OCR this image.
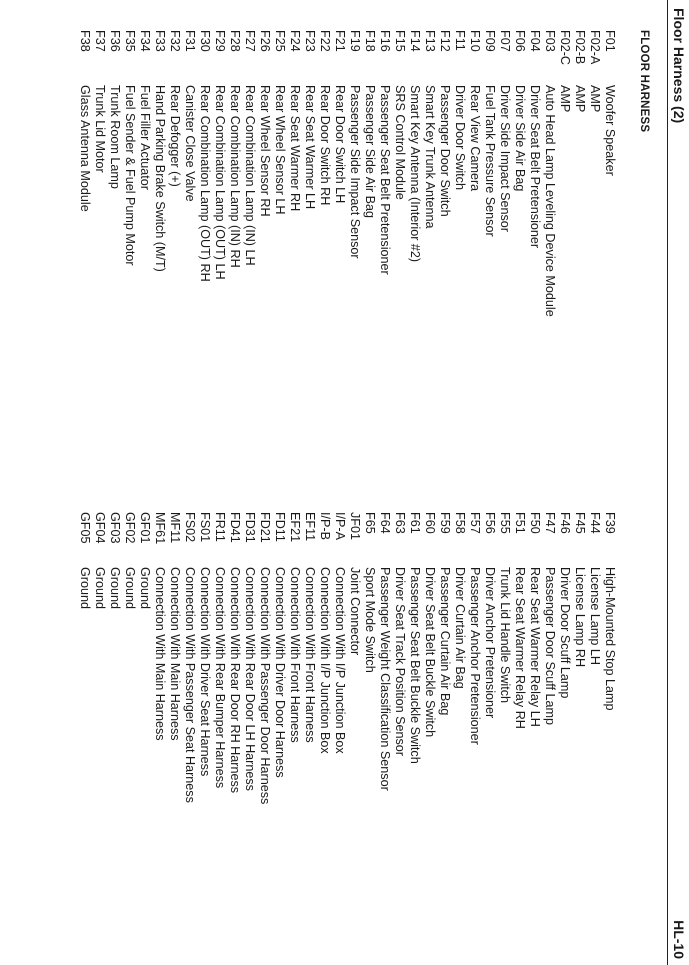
Floor Harness (2)
HL-10
FLOOR HARNESS
F01
Woofer Speaker
F02-A
AMP
F02-B
AMP
F02-C
AMP
F03
Auto Head Lamp Leveling Device Module
F04
Driver Seat Belt Pretensioner
F06
Driver Side Air Bag
F07
Driver Side Impact Sensor
F09
Fuel Tank Pressure Sensor
F10
Rear View Camera
F11
Driver Door Switch
F12
Passenger Door Switch
F13
Smart Key Trunk Antenna
F14
Smart Key Antenna (Interior #2)
F15
SRS Control Module
F16
Passenger Seat Belt Pretensioner
F18
Passenger Side Air Bag
F19
Passenger Side Impact Sensor
F21
Rear Door Switch LH
F22
Rear Door Switch RH
F23
Rear Seat Warmer LH
F24
Rear Seat Warmer RH
F25
Rear Wheel Sensor LH
F26
Rear Wheel Sensor RH
F27
Rear Combination Lamp (IN) LH
F28
Rear Combination Lamp (IN) RH
F29
Rear Combination Lamp (OUT) LH
F30
Rear Combination Lamp (OUT) RH
F31
Canister Close Valve
F32
Rear Defogger (+)
F33
Hand Parking Brake Switch (M/T)
F34
Fuel Filler Actuator
F35
Fuel Sender & Fuel Pump Motor
F36
Trunk Room Lamp
F37
Trunk Lid Motor
F38
Glass Antenna Module
F39
High-Mounted Stop Lamp
F44
License Lamp LH
F45
License Lamp RH
F46
Driver Door Scuff Lamp
F47
Passenger Door Scuff Lamp
F50
Rear Seat Warmer Relay LH
F51
Rear Seat Warmer Relay RH
F55
Trunk Lid Handle Switch
F56
Driver Anchor Pretensioner
F57
Passenger Anchor Pretensioner
F58
Driver Curtain Air Bag
F59
Passenger Curtain Air Bag
F60
Driver Seat Belt Buckle Switch
F61
Passenger Seat Belt Buckle Switch
F63
Driver Seat Track Position Sensor
F64
Passenger Weight Classification Sensor
F65
Sport Mode Switch
JF01
Joint Connector
I/P-A
Connection With I/P Junction Box
I/P-B
Connection With I/P Junction Box
EF11
Connection With Front Harness
EF21
Connection With Front Harness
FD11
Connection With Driver Door Harness
FD21
Connection With Passenger Door Harness
FD31
Connection With Rear Door LH Harness
FD41
Connection With Rear Door RH Harness
FR11
Connection With Rear Bumper Harness
FS01
Connection With Driver Seat Harness
FS02
Connection With Passenger Seat Harness
MF11
Connection With Main Harness
MF61
Connection With Main Harness
GF01
Ground
GF02
Ground
GF03
Ground
GF04
Ground
GF05
Ground
